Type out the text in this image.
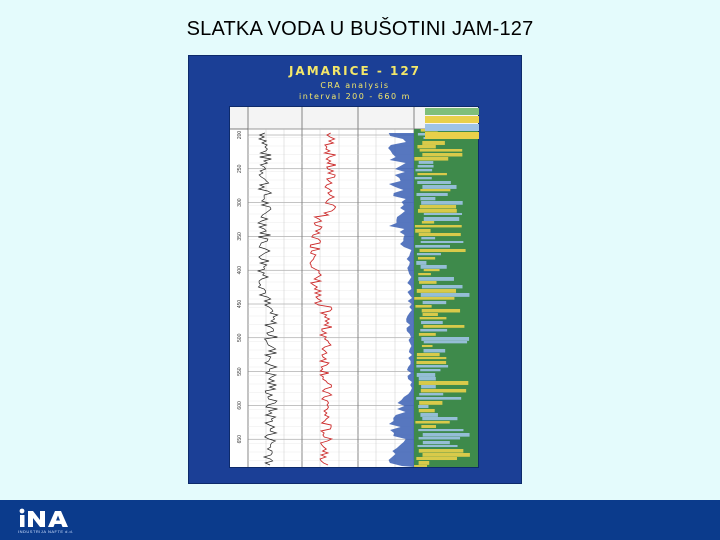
SLATKA VODA U BUŠOTINI JAM-127
JAMARICE - 127
CRA analysis
interval 200 - 660 m
200
250
300
350
400
450
500
550
600
650
INDUSTRIJA NAFTE d.d.
